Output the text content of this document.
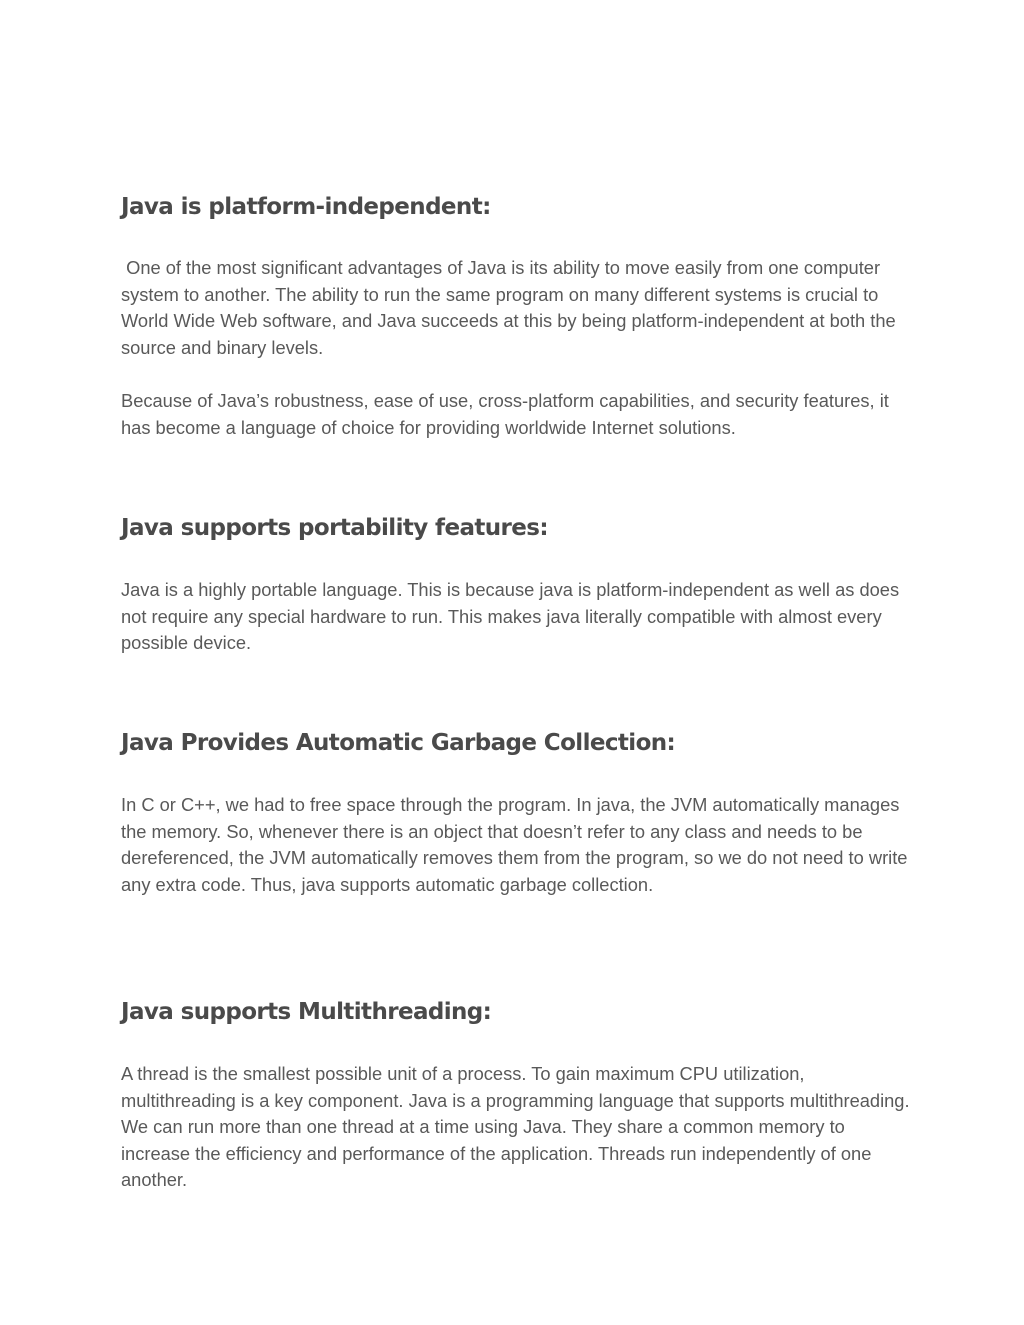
Java is platform-independent:

One of the most significant advantages of Java is its ability to move easily from one computer system to another. The ability to run the same program on many different systems is crucial to World Wide Web software, and Java succeeds at this by being platform-independent at both the source and binary levels.

Because of Java’s robustness, ease of use, cross-platform capabilities, and security features, it has become a language of choice for providing worldwide Internet solutions.

Java supports portability features:

Java is a highly portable language. This is because java is platform-independent as well as does not require any special hardware to run. This makes java literally compatible with almost every possible device.

Java Provides Automatic Garbage Collection:

In C or C++, we had to free space through the program. In java, the JVM automatically manages the memory. So, whenever there is an object that doesn’t refer to any class and needs to be dereferenced, the JVM automatically removes them from the program, so we do not need to write any extra code. Thus, java supports automatic garbage collection.

Java supports Multithreading:

A thread is the smallest possible unit of a process. To gain maximum CPU utilization, multithreading is a key component. Java is a programming language that supports multithreading. We can run more than one thread at a time using Java. They share a common memory to increase the efficiency and performance of the application. Threads run independently of one another.
